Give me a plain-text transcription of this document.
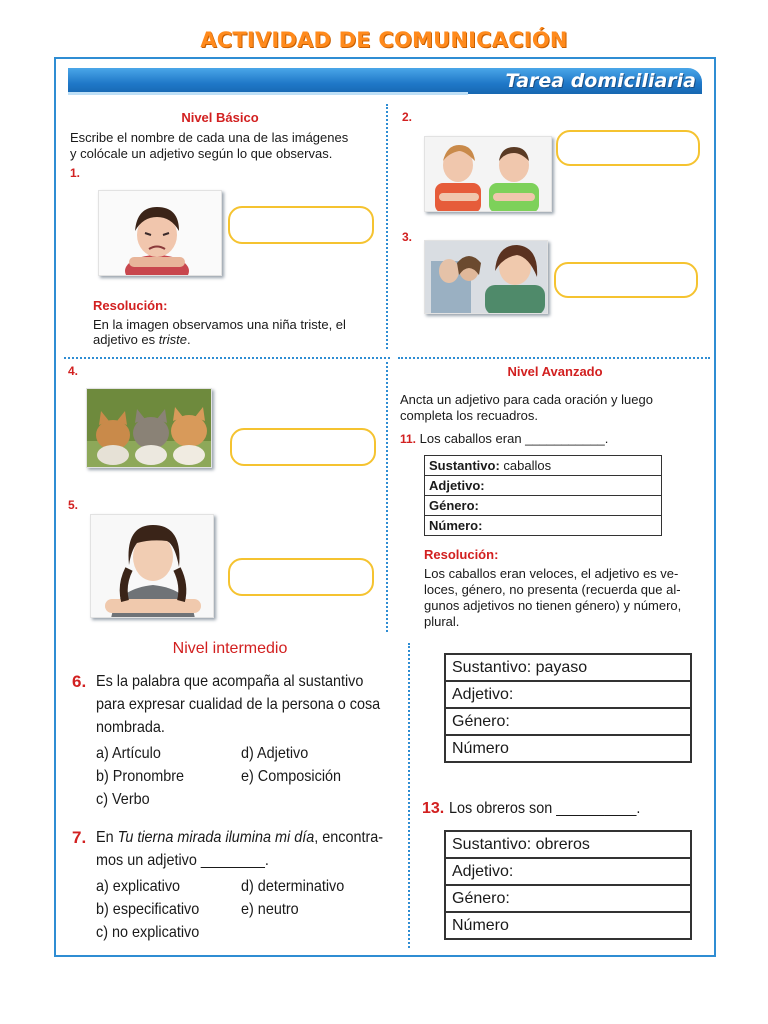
ACTIVIDAD DE COMUNICACIÓN
Tarea domiciliaria
Nivel Básico
Escribe el nombre de cada una de las imágenes
y colócale un adjetivo según lo que observas.
1.
Resolución:
En la imagen observamos una niña triste, el
adjetivo es triste.
2.
3.
4.
5.
Nivel Avanzado
Ancta un adjetivo para cada oración y luego
completa los recuadros.
11. Los caballos eran ___________.
Sustantivo: caballos
Adjetivo:
Género:
Número:
Resolución:
Los caballos eran veloces, el adjetivo es ve-
loces, género, no presenta (recuerda que al-
gunos adjetivos no tienen género) y número,
plural.
Nivel intermedio
6. Es la palabra que acompaña al sustantivo
para expresar cualidad de la persona o cosa
nombrada.
a) Artículo
b) Pronombre
c) Verbo
d) Adjetivo
e) Composición
7. En Tu tierna mirada ilumina mi día, encontra-
mos un adjetivo ________.
a) explicativo
b) especificativo
c) no explicativo
d) determinativo
e) neutro
Sustantivo: payaso
Adjetivo:
Género:
Número
13. Los obreros son __________.
Sustantivo: obreros
Adjetivo:
Género:
Número
